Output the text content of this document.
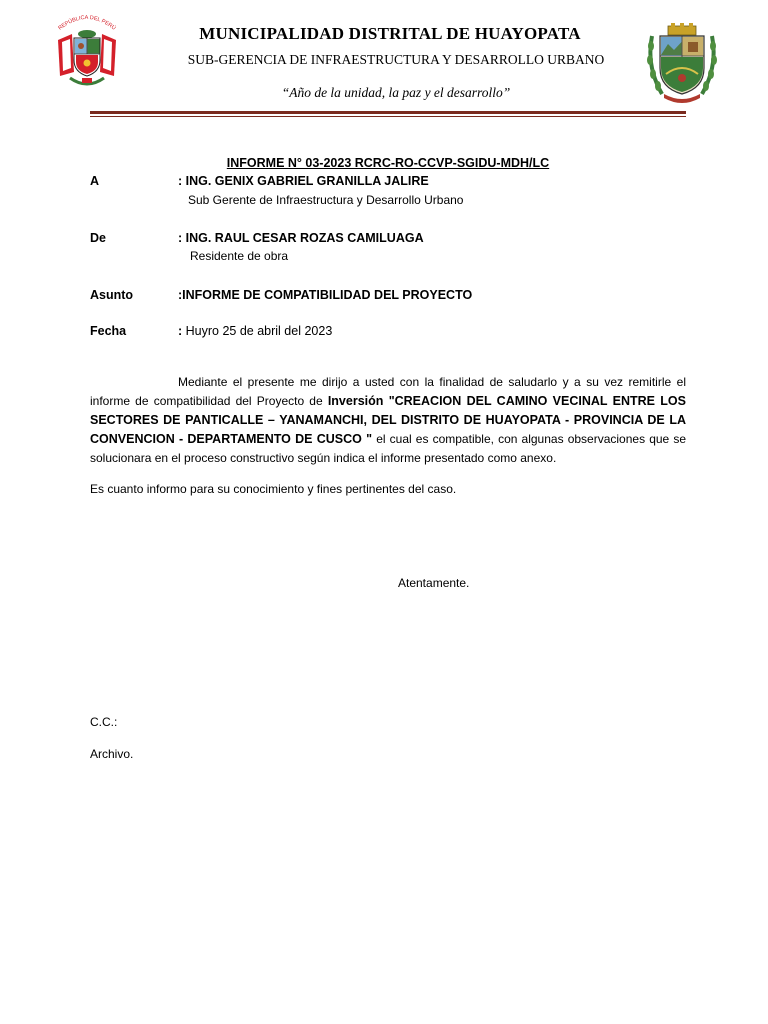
REPÚBLICA DEL PERÚ	MUNICIPALIDAD DISTRITAL DE HUAYOPATA
SUB-GERENCIA DE INFRAESTRUCTURA Y DESARROLLO URBANO
“Año de la unidad, la paz y el desarrollo”
INFORME N° 03-2023 RCRC-RO-CCVP-SGIDU-MDH/LC
A	: ING. GENIX GABRIEL GRANILLA JALIRE
Sub Gerente de Infraestructura y Desarrollo Urbano
De	: ING. RAUL CESAR ROZAS CAMILUAGA
Residente de obra
Asunto	:INFORME DE COMPATIBILIDAD DEL PROYECTO
Fecha	: Huyro 25 de abril del 2023
Mediante el presente me dirijo a usted con la finalidad de saludarlo y a su vez remitirle el informe de compatibilidad del Proyecto de Inversión "CREACION DEL CAMINO VECINAL ENTRE LOS SECTORES DE PANTICALLE – YANAMANCHI, DEL DISTRITO DE HUAYOPATA - PROVINCIA DE LA CONVENCION - DEPARTAMENTO DE CUSCO " el cual es compatible, con algunas observaciones que se solucionara en el proceso constructivo según indica el informe presentado como anexo.
Es cuanto informo para su conocimiento y fines pertinentes del caso.
Atentamente.
C.C.:
Archivo.
